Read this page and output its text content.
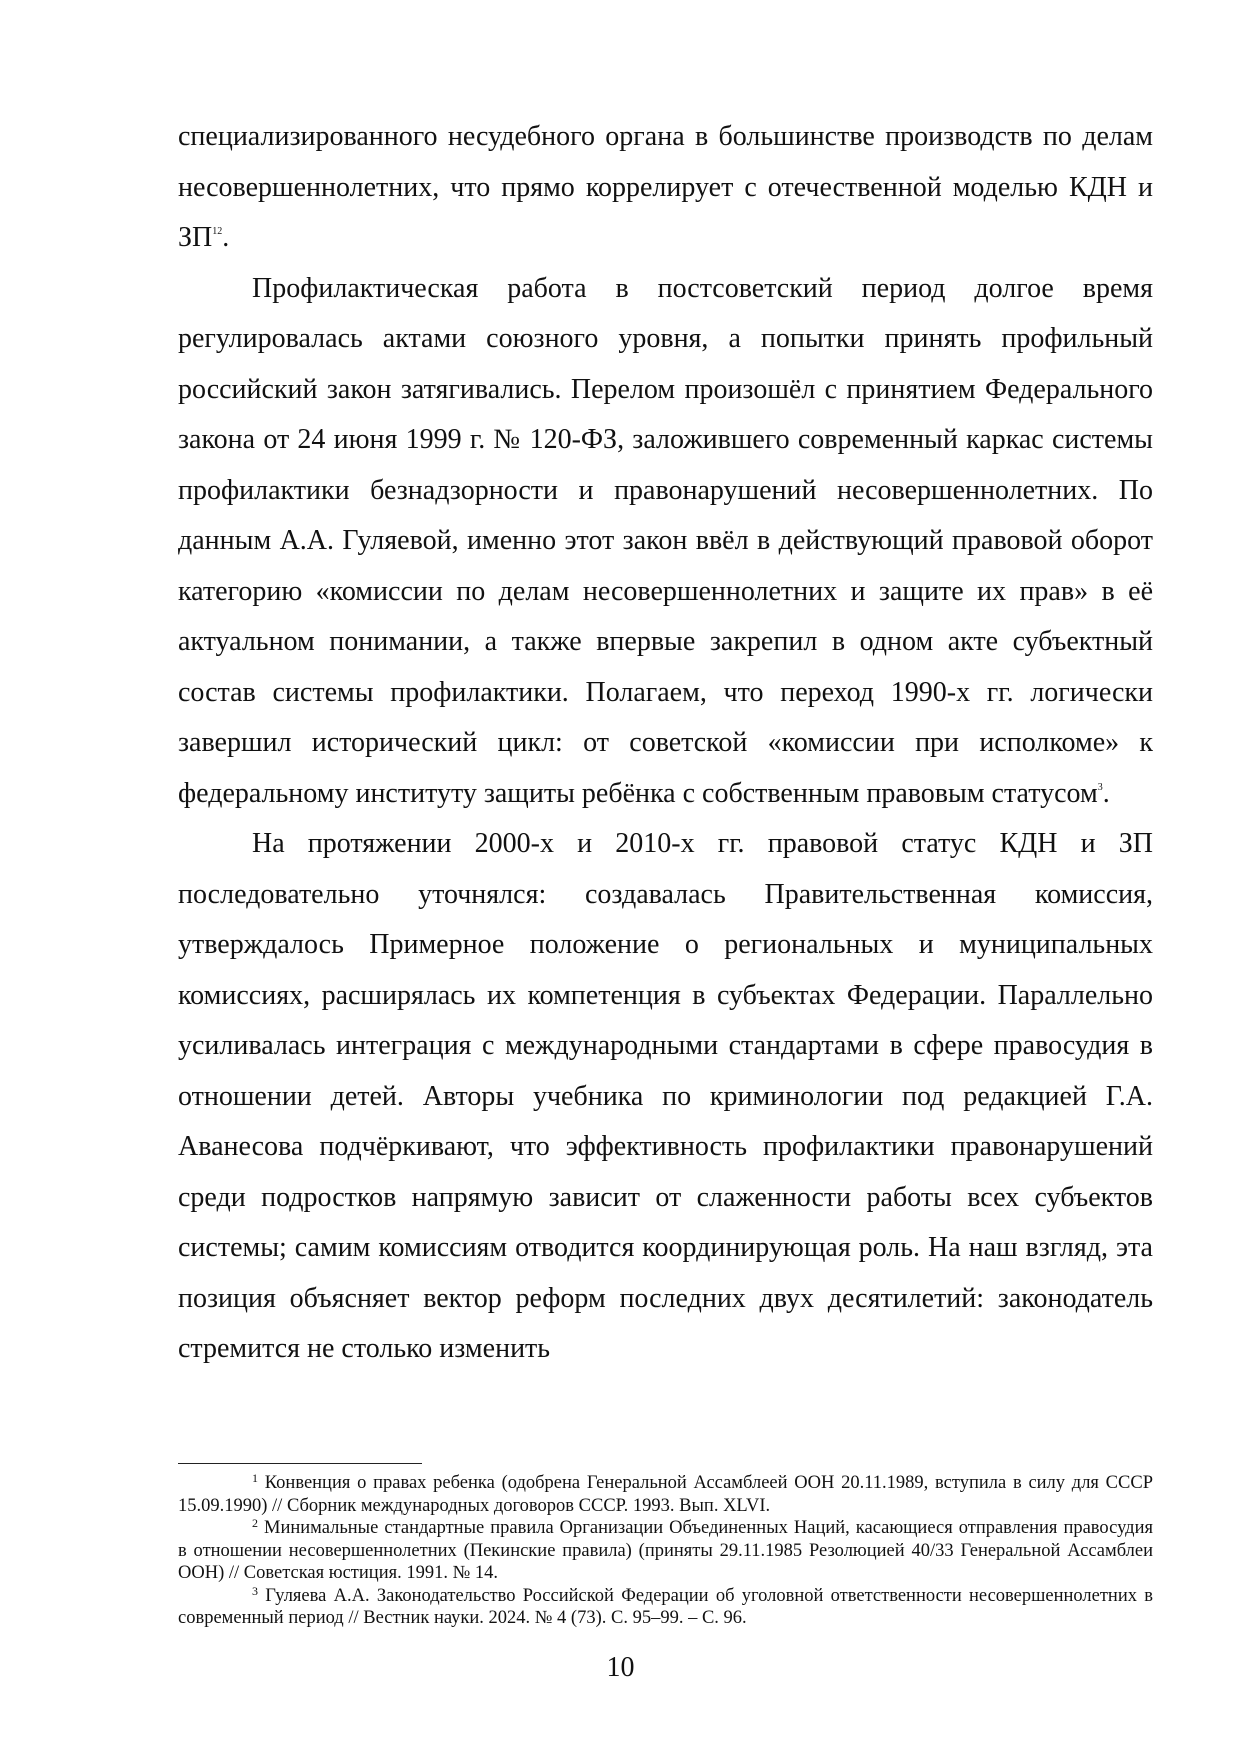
специализированного несудебного органа в большинстве производств по делам несовершеннолетних, что прямо коррелирует с отечественной моделью КДН и ЗП$^{12}$.

Профилактическая работа в постсоветский период долгое время регулировалась актами союзного уровня, а попытки принять профильный российский закон затягивались. Перелом произошёл с принятием Федерального закона от 24 июня 1999 г. № 120-ФЗ, заложившего современный каркас системы профилактики безнадзорности и правонарушений несовершеннолетних. По данным А.А. Гуляевой, именно этот закон ввёл в действующий правовой оборот категорию «комиссии по делам несовершеннолетних и защите их прав» в её актуальном понимании, а также впервые закрепил в одном акте субъектный состав системы профилактики. Полагаем, что переход 1990-х гг. логически завершил исторический цикл: от советской «комиссии при исполкоме» к федеральному институту защиты ребёнка с собственным правовым статусом$^3$.

На протяжении 2000-х и 2010-х гг. правовой статус КДН и ЗП последовательно уточнялся: создавалась Правительственная комиссия, утверждалось Примерное положение о региональных и муниципальных комиссиях, расширялась их компетенция в субъектах Федерации. Параллельно усиливалась интеграция с международными стандартами в сфере правосудия в отношении детей. Авторы учебника по криминологии под редакцией Г.А. Аванесова подчёркивают, что эффективность профилактики правонарушений среди подростков напрямую зависит от слаженности работы всех субъектов системы; самим комиссиям отводится координирующая роль. На наш взгляд, эта позиция объясняет вектор реформ последних двух десятилетий: законодатель стремится не столько изменить

$^1$ Конвенция о правах ребенка (одобрена Генеральной Ассамблеей ООН 20.11.1989, вступила в силу для СССР 15.09.1990) // Сборник международных договоров СССР. 1993. Вып. XLVI.

$^2$ Минимальные стандартные правила Организации Объединенных Наций, касающиеся отправления правосудия в отношении несовершеннолетних (Пекинские правила) (приняты 29.11.1985 Резолюцией 40/33 Генеральной Ассамблеи ООН) // Советская юстиция. 1991. № 14.

$^3$ Гуляева А.А. Законодательство Российской Федерации об уголовной ответственности несовершеннолетних в современный период // Вестник науки. 2024. № 4 (73). С. 95–99. – С. 96.

10
